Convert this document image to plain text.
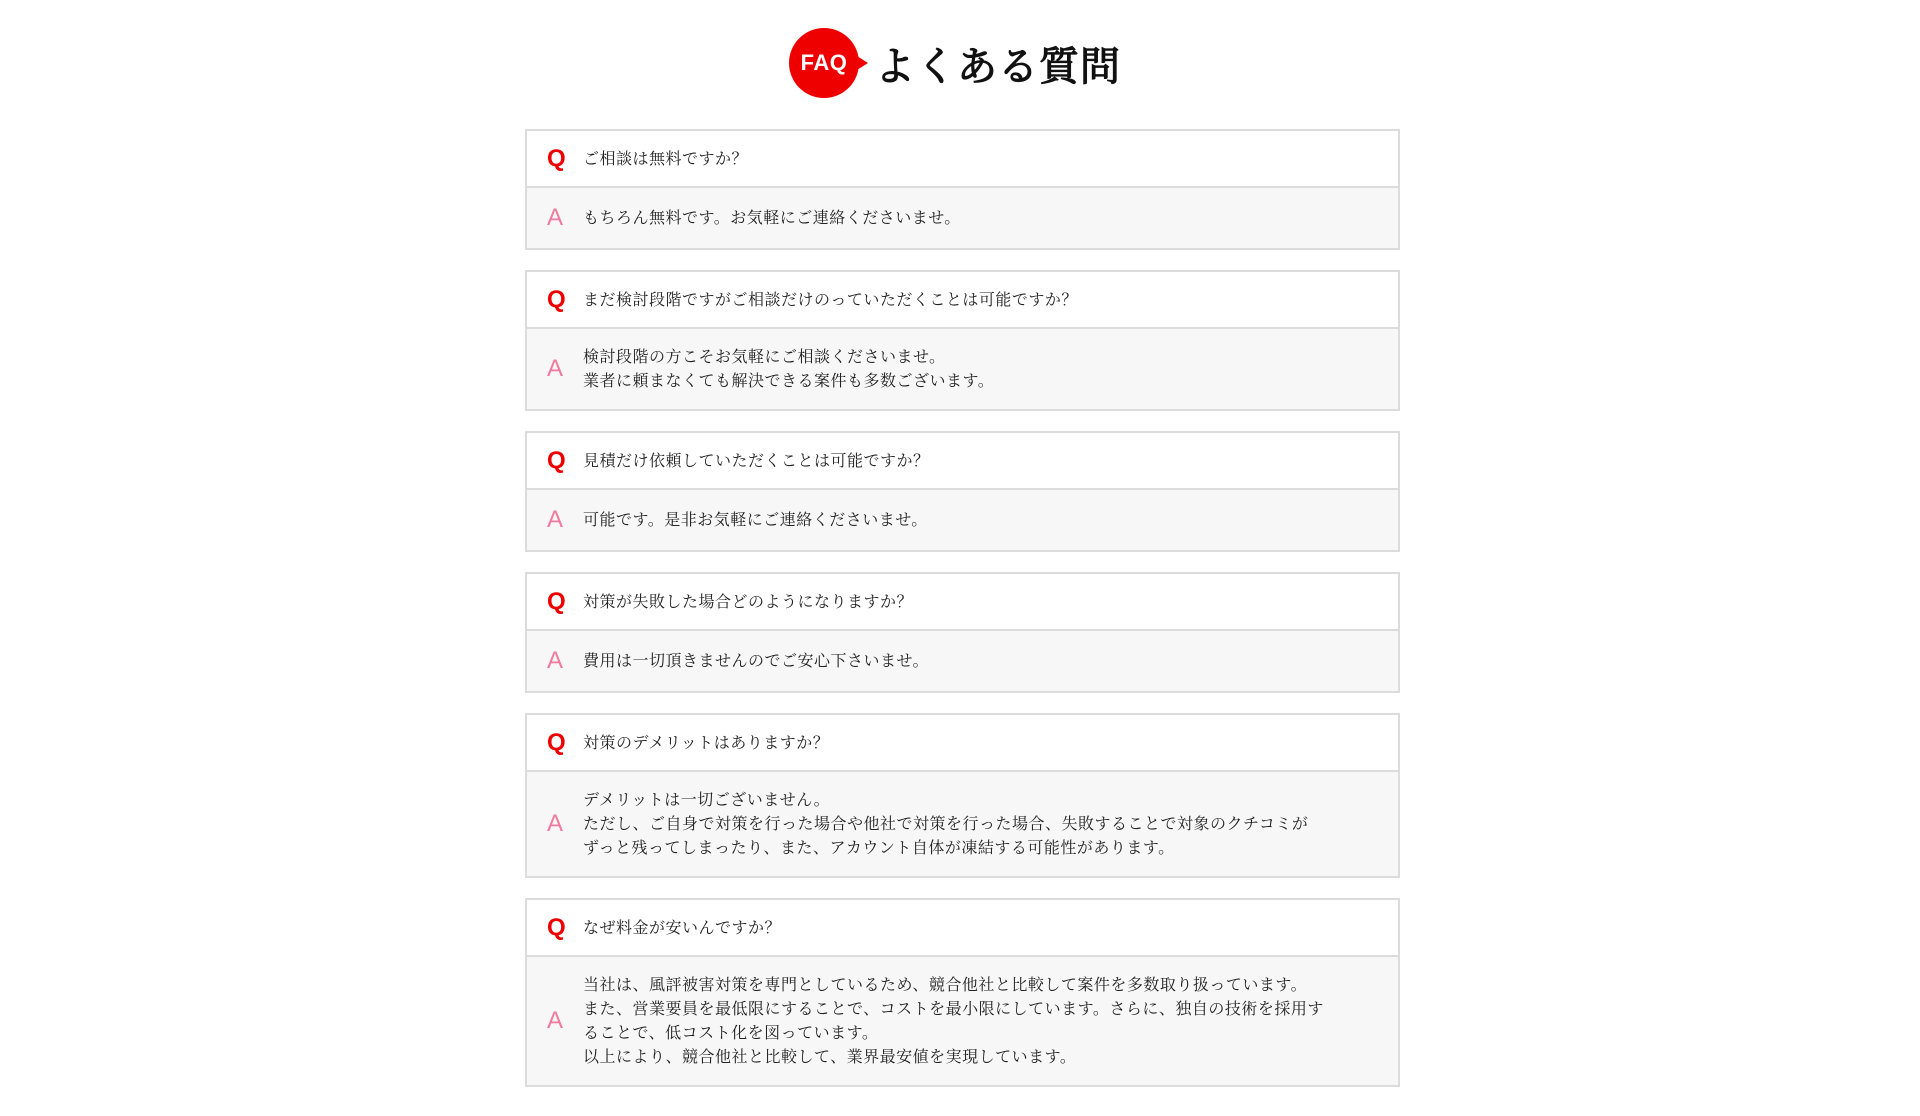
FAQ よくある質問
Q	ご相談は無料ですか？
A	もちろん無料です。お気軽にご連絡くださいませ。
Q	まだ検討段階ですがご相談だけのっていただくことは可能ですか？
A	検討段階の方こそお気軽にご相談くださいませ。
業者に頼まなくても解決できる案件も多数ございます。
Q	見積だけ依頼していただくことは可能ですか？
A	可能です。是非お気軽にご連絡くださいませ。
Q	対策が失敗した場合どのようになりますか？
A	費用は一切頂きませんのでご安心下さいませ。
Q	対策のデメリットはありますか？
A
デメリットは一切ございません。
ただし、ご自身で対策を行った場合や他社で対策を行った場合、失敗することで対象のクチコミが
ずっと残ってしまったり、また、アカウント自体が凍結する可能性があります。
Q	なぜ料金が安いんですか？
A
当社は、風評被害対策を専門としているため、競合他社と比較して案件を多数取り扱っています。
また、営業要員を最低限にすることで、コストを最小限にしています。さらに、独自の技術を採用す
ることで、低コスト化を図っています。
以上により、競合他社と比較して、業界最安値を実現しています。
